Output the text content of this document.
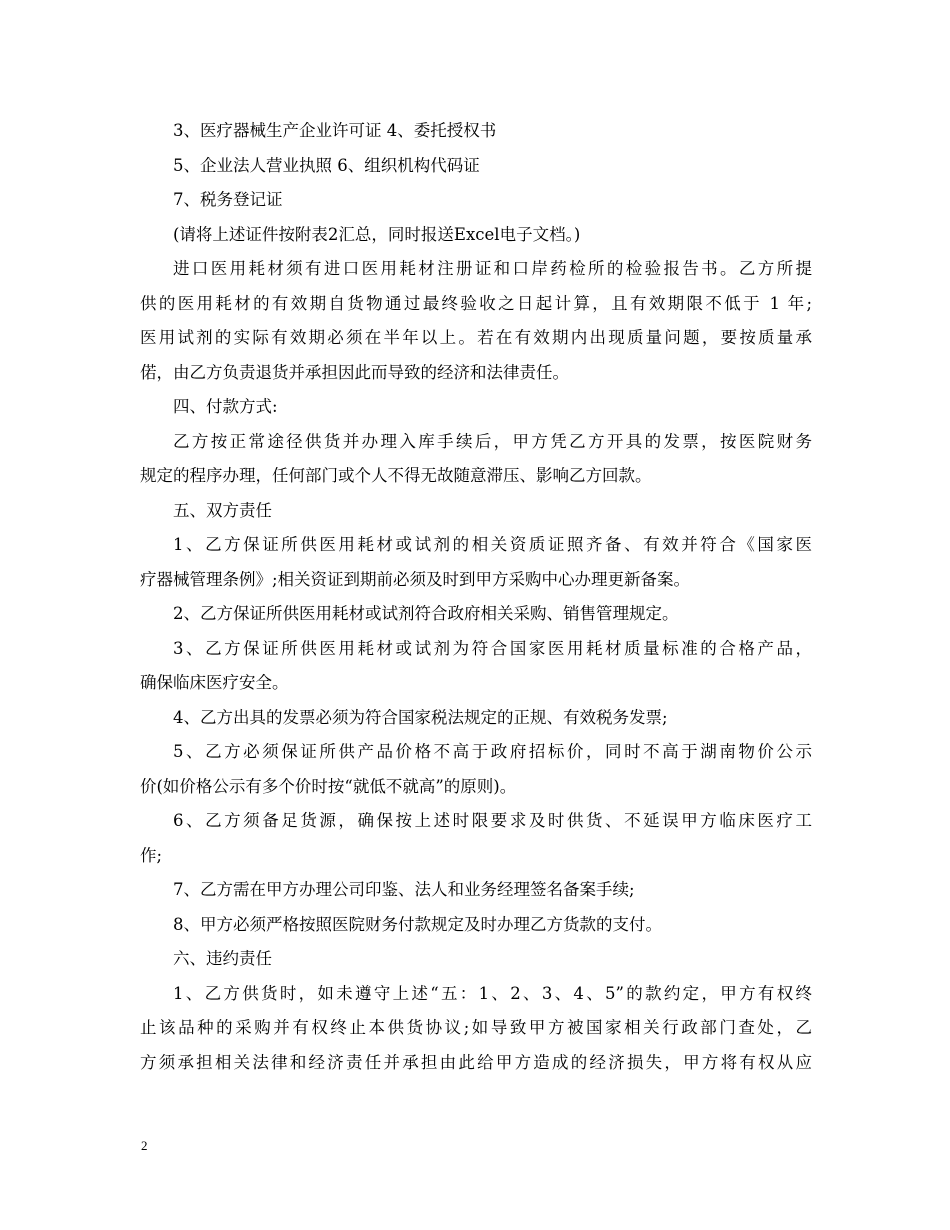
3、医疗器械生产企业许可证 4、委托授权书
5、企业法人营业执照 6、组织机构代码证
7、税务登记证
(请将上述证件按附表2汇总，同时报送Excel电子文档。)
进口医用耗材须有进口医用耗材注册证和口岸药检所的检验报告书。乙方所提
供的医用耗材的有效期自货物通过最终验收之日起计算，且有效期限不低于 1 年;
医用试剂的实际有效期必须在半年以上。若在有效期内出现质量问题，要按质量承
偌，由乙方负责退货并承担因此而导致的经济和法律责任。
四、付款方式:
乙方按正常途径供货并办理入库手续后，甲方凭乙方开具的发票，按医院财务
规定的程序办理，任何部门或个人不得无故随意滞压、影响乙方回款。
五、双方责任
1、乙方保证所供医用耗材或试剂的相关资质证照齐备、有效并符合《国家医
疗器械管理条例》;相关资证到期前必须及时到甲方采购中心办理更新备案。
2、乙方保证所供医用耗材或试剂符合政府相关采购、销售管理规定。
3、乙方保证所供医用耗材或试剂为符合国家医用耗材质量标准的合格产品，
确保临床医疗安全。
4、乙方出具的发票必须为符合国家税法规定的正规、有效税务发票;
5、乙方必须保证所供产品价格不高于政府招标价，同时不高于湖南物价公示
价(如价格公示有多个价时按“就低不就高”的原则)。
6、乙方须备足货源，确保按上述时限要求及时供货、不延误甲方临床医疗工
作;
7、乙方需在甲方办理公司印鉴、法人和业务经理签名备案手续;
8、甲方必须严格按照医院财务付款规定及时办理乙方货款的支付。
六、违约责任
1、乙方供货时，如未遵守上述“五：1、2、3、4、5”的款约定，甲方有权终
止该品种的采购并有权终止本供货协议;如导致甲方被国家相关行政部门查处，乙
方须承担相关法律和经济责任并承担由此给甲方造成的经济损失，甲方将有权从应
2
